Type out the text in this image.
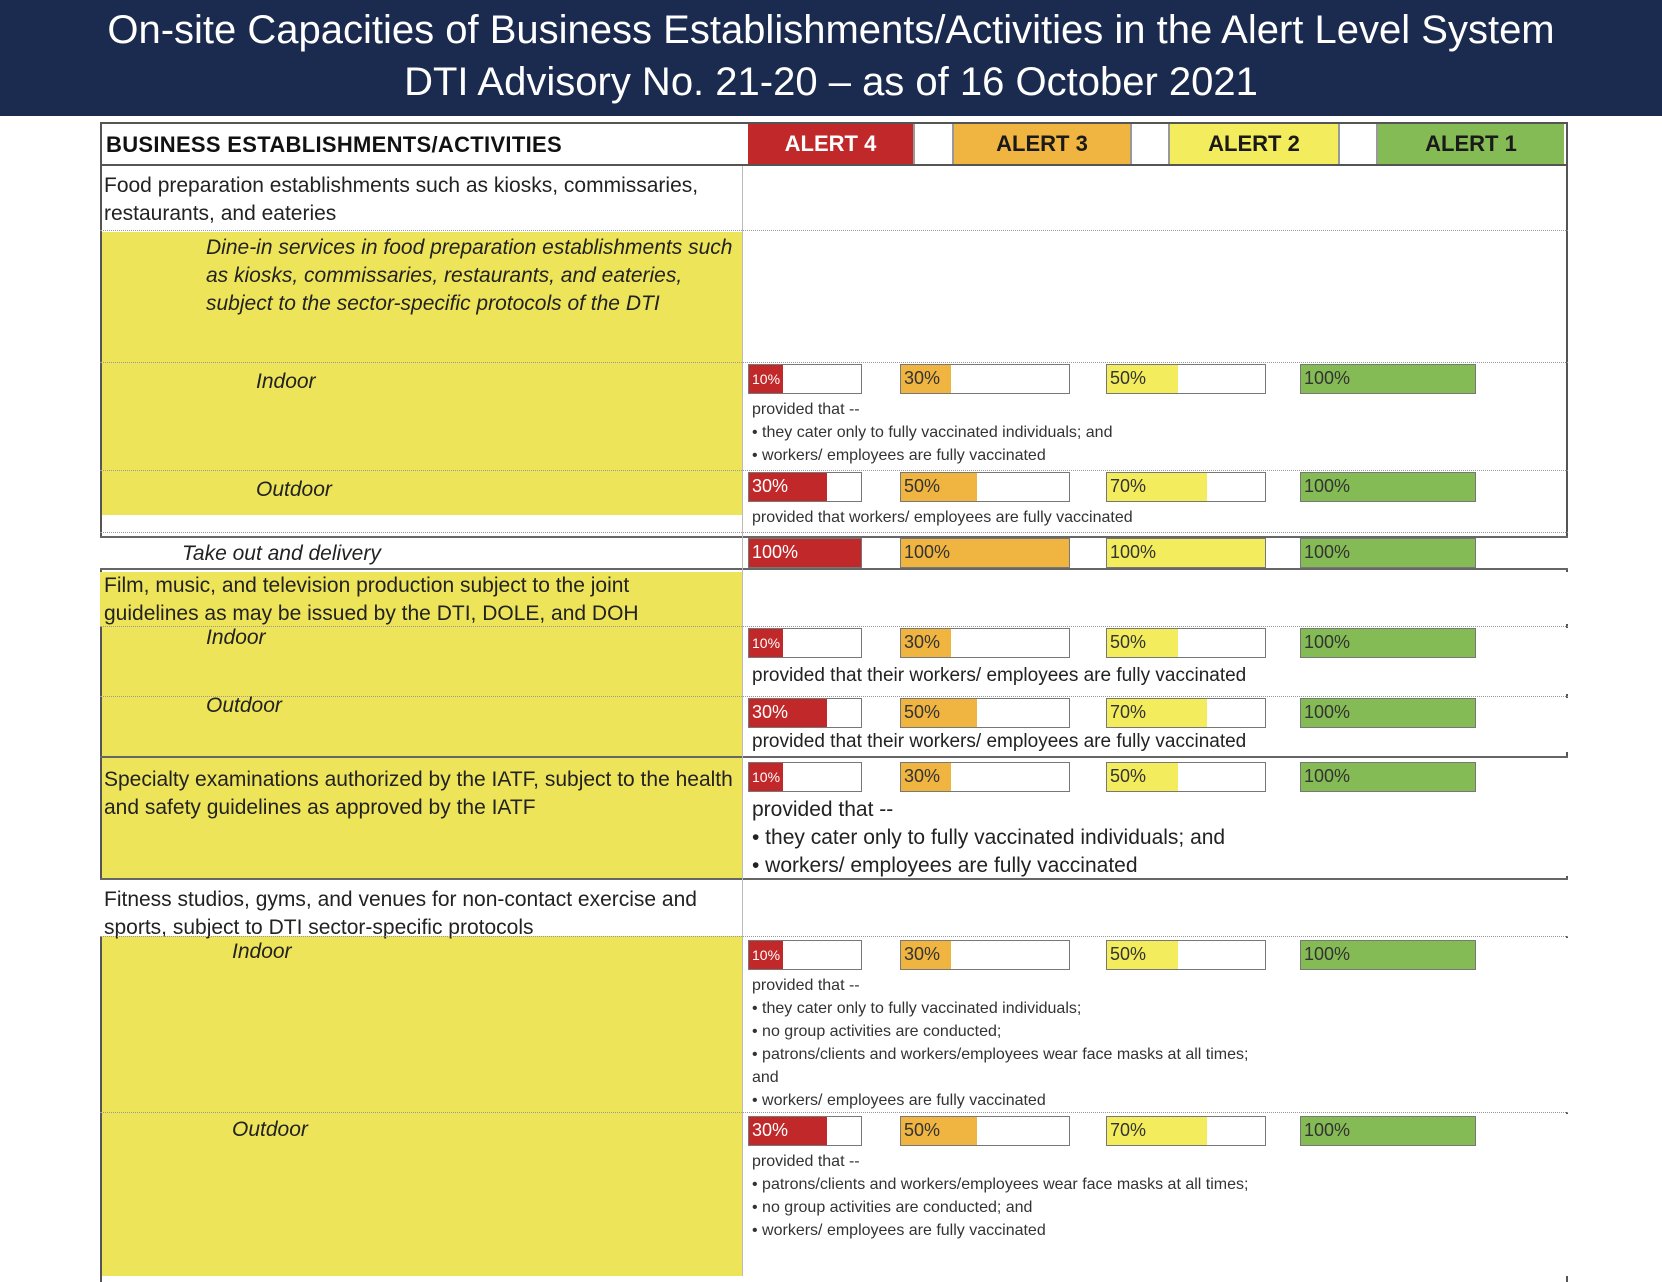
On-site Capacities of Business Establishments/Activities in the Alert Level System
DTI Advisory No. 21-20 – as of 16 October 2021
BUSINESS ESTABLISHMENTS/ACTIVITIES	ALERT 4	ALERT 3	ALERT 2	ALERT 1
Food preparation establishments such as kiosks, commissaries, restaurants, and eateries
Dine-in services in food preparation establishments such as kiosks, commissaries, restaurants, and eateries, subject to the sector-specific protocols of the DTI
Indoor	10%	30%	50%	100%
provided that --
• they cater only to fully vaccinated individuals; and
• workers/ employees are fully vaccinated
Outdoor	30%	50%	70%	100%
provided that workers/ employees are fully vaccinated
Take out and delivery	100%	100%	100%	100%
Film, music, and television production subject to the joint guidelines as may be issued by the DTI, DOLE, and DOH
Indoor	10%	30%	50%	100%
provided that their workers/ employees are fully vaccinated
Outdoor	30%	50%	70%	100%
provided that their workers/ employees are fully vaccinated
Specialty examinations authorized by the IATF, subject to the health and safety guidelines as approved by the IATF
10%	30%	50%	100%
provided that --
• they cater only to fully vaccinated individuals; and
• workers/ employees are fully vaccinated
Fitness studios, gyms, and venues for non-contact exercise and sports, subject to DTI sector-specific protocols
Indoor	10%	30%	50%	100%
provided that --
• they cater only to fully vaccinated individuals;
• no group activities are conducted;
• patrons/clients and workers/employees wear face masks at all times;
and
• workers/ employees are fully vaccinated
Outdoor	30%	50%	70%	100%
provided that --
• patrons/clients and workers/employees wear face masks at all times;
• no group activities are conducted; and
• workers/ employees are fully vaccinated
